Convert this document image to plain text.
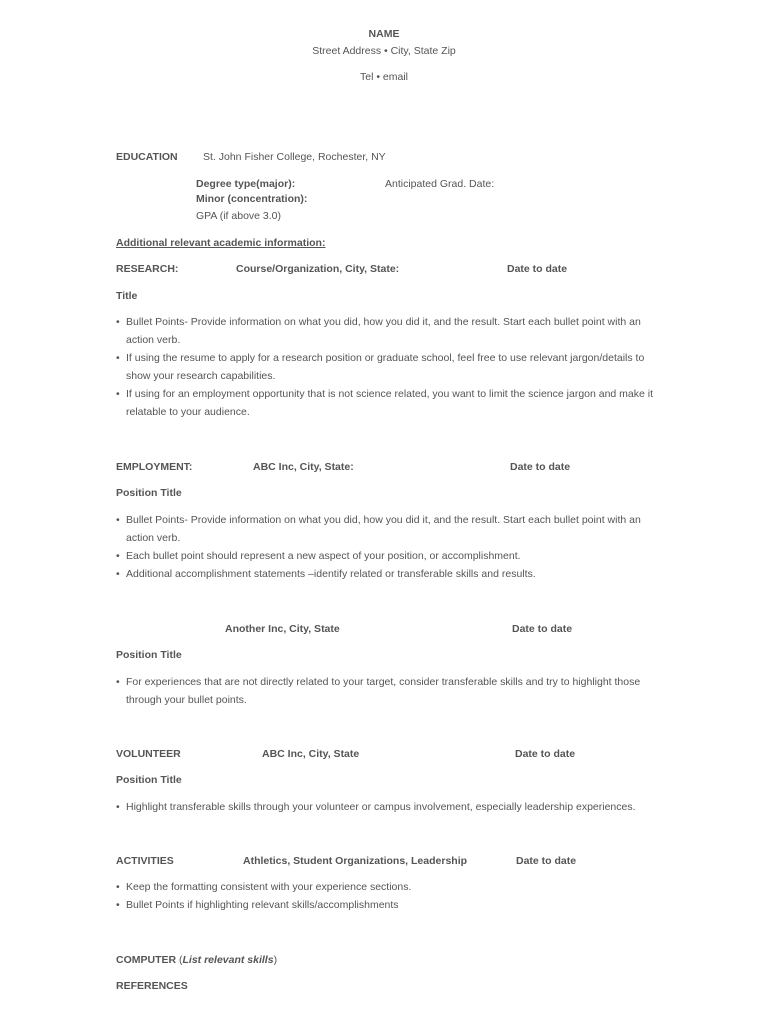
NAME
Street Address • City, State Zip
Tel • email
EDUCATION St. John Fisher College, Rochester, NY
Degree type(major):	Anticipated Grad. Date:
Minor (concentration):
GPA (if above 3.0)
Additional relevant academic information:
RESEARCH:	Course/Organization, City, State:	Date to date
Title
• Bullet Points- Provide information on what you did, how you did it, and the result. Start each bullet point with an action verb.
• If using the resume to apply for a research position or graduate school, feel free to use relevant jargon/details to show your research capabilities.
• If using for an employment opportunity that is not science related, you want to limit the science jargon and make it relatable to your audience.
EMPLOYMENT:	ABC Inc, City, State:	Date to date
Position Title
• Bullet Points- Provide information on what you did, how you did it, and the result. Start each bullet point with an action verb.
• Each bullet point should represent a new aspect of your position, or accomplishment.
• Additional accomplishment statements –identify related or transferable skills and results.
Another Inc, City, State	Date to date
Position Title
• For experiences that are not directly related to your target, consider transferable skills and try to highlight those through your bullet points.
VOLUNTEER	ABC Inc, City, State	Date to date
Position Title
• Highlight transferable skills through your volunteer or campus involvement, especially leadership experiences.
ACTIVITIES	Athletics, Student Organizations, Leadership	Date to date
• Keep the formatting consistent with your experience sections.
• Bullet Points if highlighting relevant skills/accomplishments
COMPUTER (List relevant skills)
REFERENCES
